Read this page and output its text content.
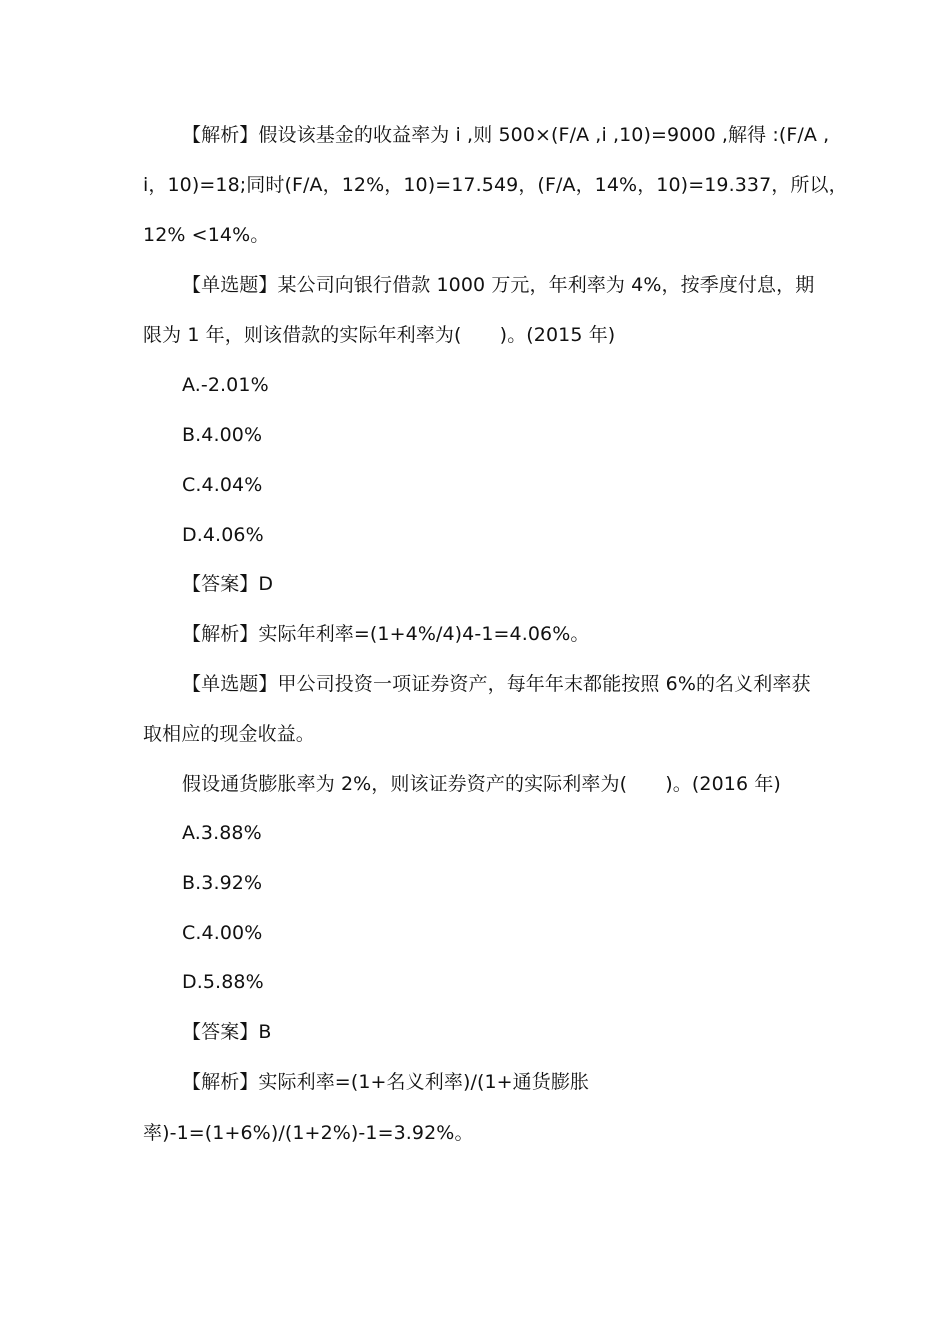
【解析】假设该基金的收益率为 i ,则 500×(F/A ,i ,10)=9000 ,解得 :(F/A ,
i，10)=18;同时(F/A，12%，10)=17.549，(F/A，14%，10)=19.337，所以，
12% <14%。
【单选题】某公司向银行借款 1000 万元，年利率为 4%，按季度付息，期
限为 1 年，则该借款的实际年利率为(　　)。(2015 年)
A.-2.01%
B.4.00%
C.4.04%
D.4.06%
【答案】D
【解析】实际年利率=(1+4%/4)4-1=4.06%。
【单选题】甲公司投资一项证券资产，每年年末都能按照 6%的名义利率获
取相应的现金收益。
假设通货膨胀率为 2%，则该证券资产的实际利率为(　　)。(2016 年)
A.3.88%
B.3.92%
C.4.00%
D.5.88%
【答案】B
【解析】实际利率=(1+名义利率)/(1+通货膨胀
率)-1=(1+6%)/(1+2%)-1=3.92%。
